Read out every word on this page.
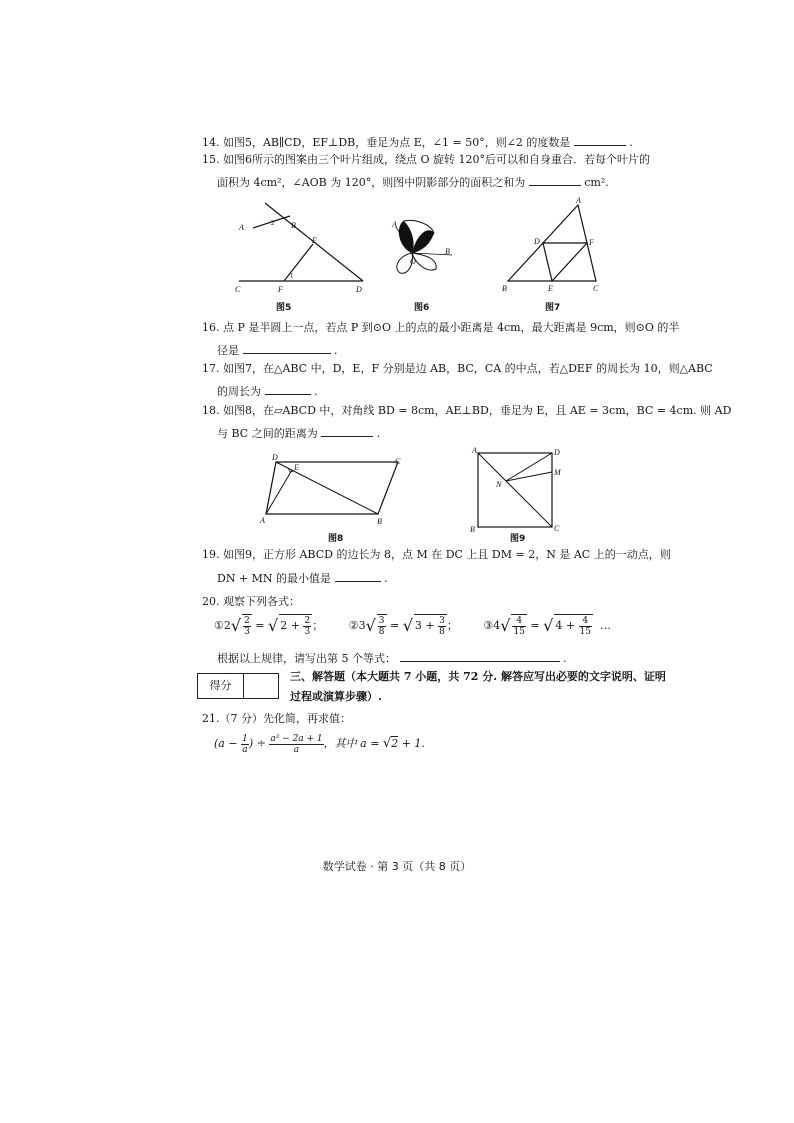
14. 如图5，AB∥CD，EF⊥DB，垂足为点 E，∠1 = 50°，则∠2 的度数是	.
15. 如图6所示的图案由三个叶片组成，绕点 O 旋转 120°后可以和自身重合．若每个叶片的
面积为 4cm²，∠AOB 为 120°，则图中阴影部分的面积之和为	cm².
A	B
C	D
E
F
1
2
图5
A
B
O
图6
A
B	C
D
E
F
图7
16. 点 P 是半圆上一点，若点 P 到⊙O 上的点的最小距离是 4cm，最大距离是 9cm，则⊙O 的半
径是	.
17. 如图7，在△ABC 中，D，E，F 分别是边 AB，BC，CA 的中点，若△DEF 的周长为 10，则△ABC
的周长为	.
18. 如图8，在▱ABCD 中，对角线 BD = 8cm，AE⊥BD，垂足为 E，且 AE = 3cm，BC = 4cm. 则 AD
与 BC 之间的距离为	.
D	C
A	B
E
图8
A	D
M
N
B	C
图9
19. 如图9，正方形 ABCD 的边长为 8，点 M 在 DC 上且 DM = 2，N 是 AC 上的一动点，则
DN + MN 的最小值是	.
20. 观察下列各式：
①2√ $\frac{2}{3}$ = √ $2 + \frac{2}{3}$ ； ②3√ $\frac{3}{8}$ = √ $3 + \frac{3}{8}$ ； ③4√ $\frac{4}{15}$ = √ $4 + \frac{4}{15}$ …
根据以上规律，请写出第 5 个等式：	.
得分
三、解答题（本大题共 7 小题，共 72 分. 解答应写出必要的文字说明、证明
过程或演算步骤）.
21.（7 分）先化简，再求值：
($a - \frac{1}{a}$ ) ÷ $\frac{\text{a² − 2a + 1}}{a}$ ，其中 a = √2 + 1.
数学试卷 · 第 3 页（共 8 页）
